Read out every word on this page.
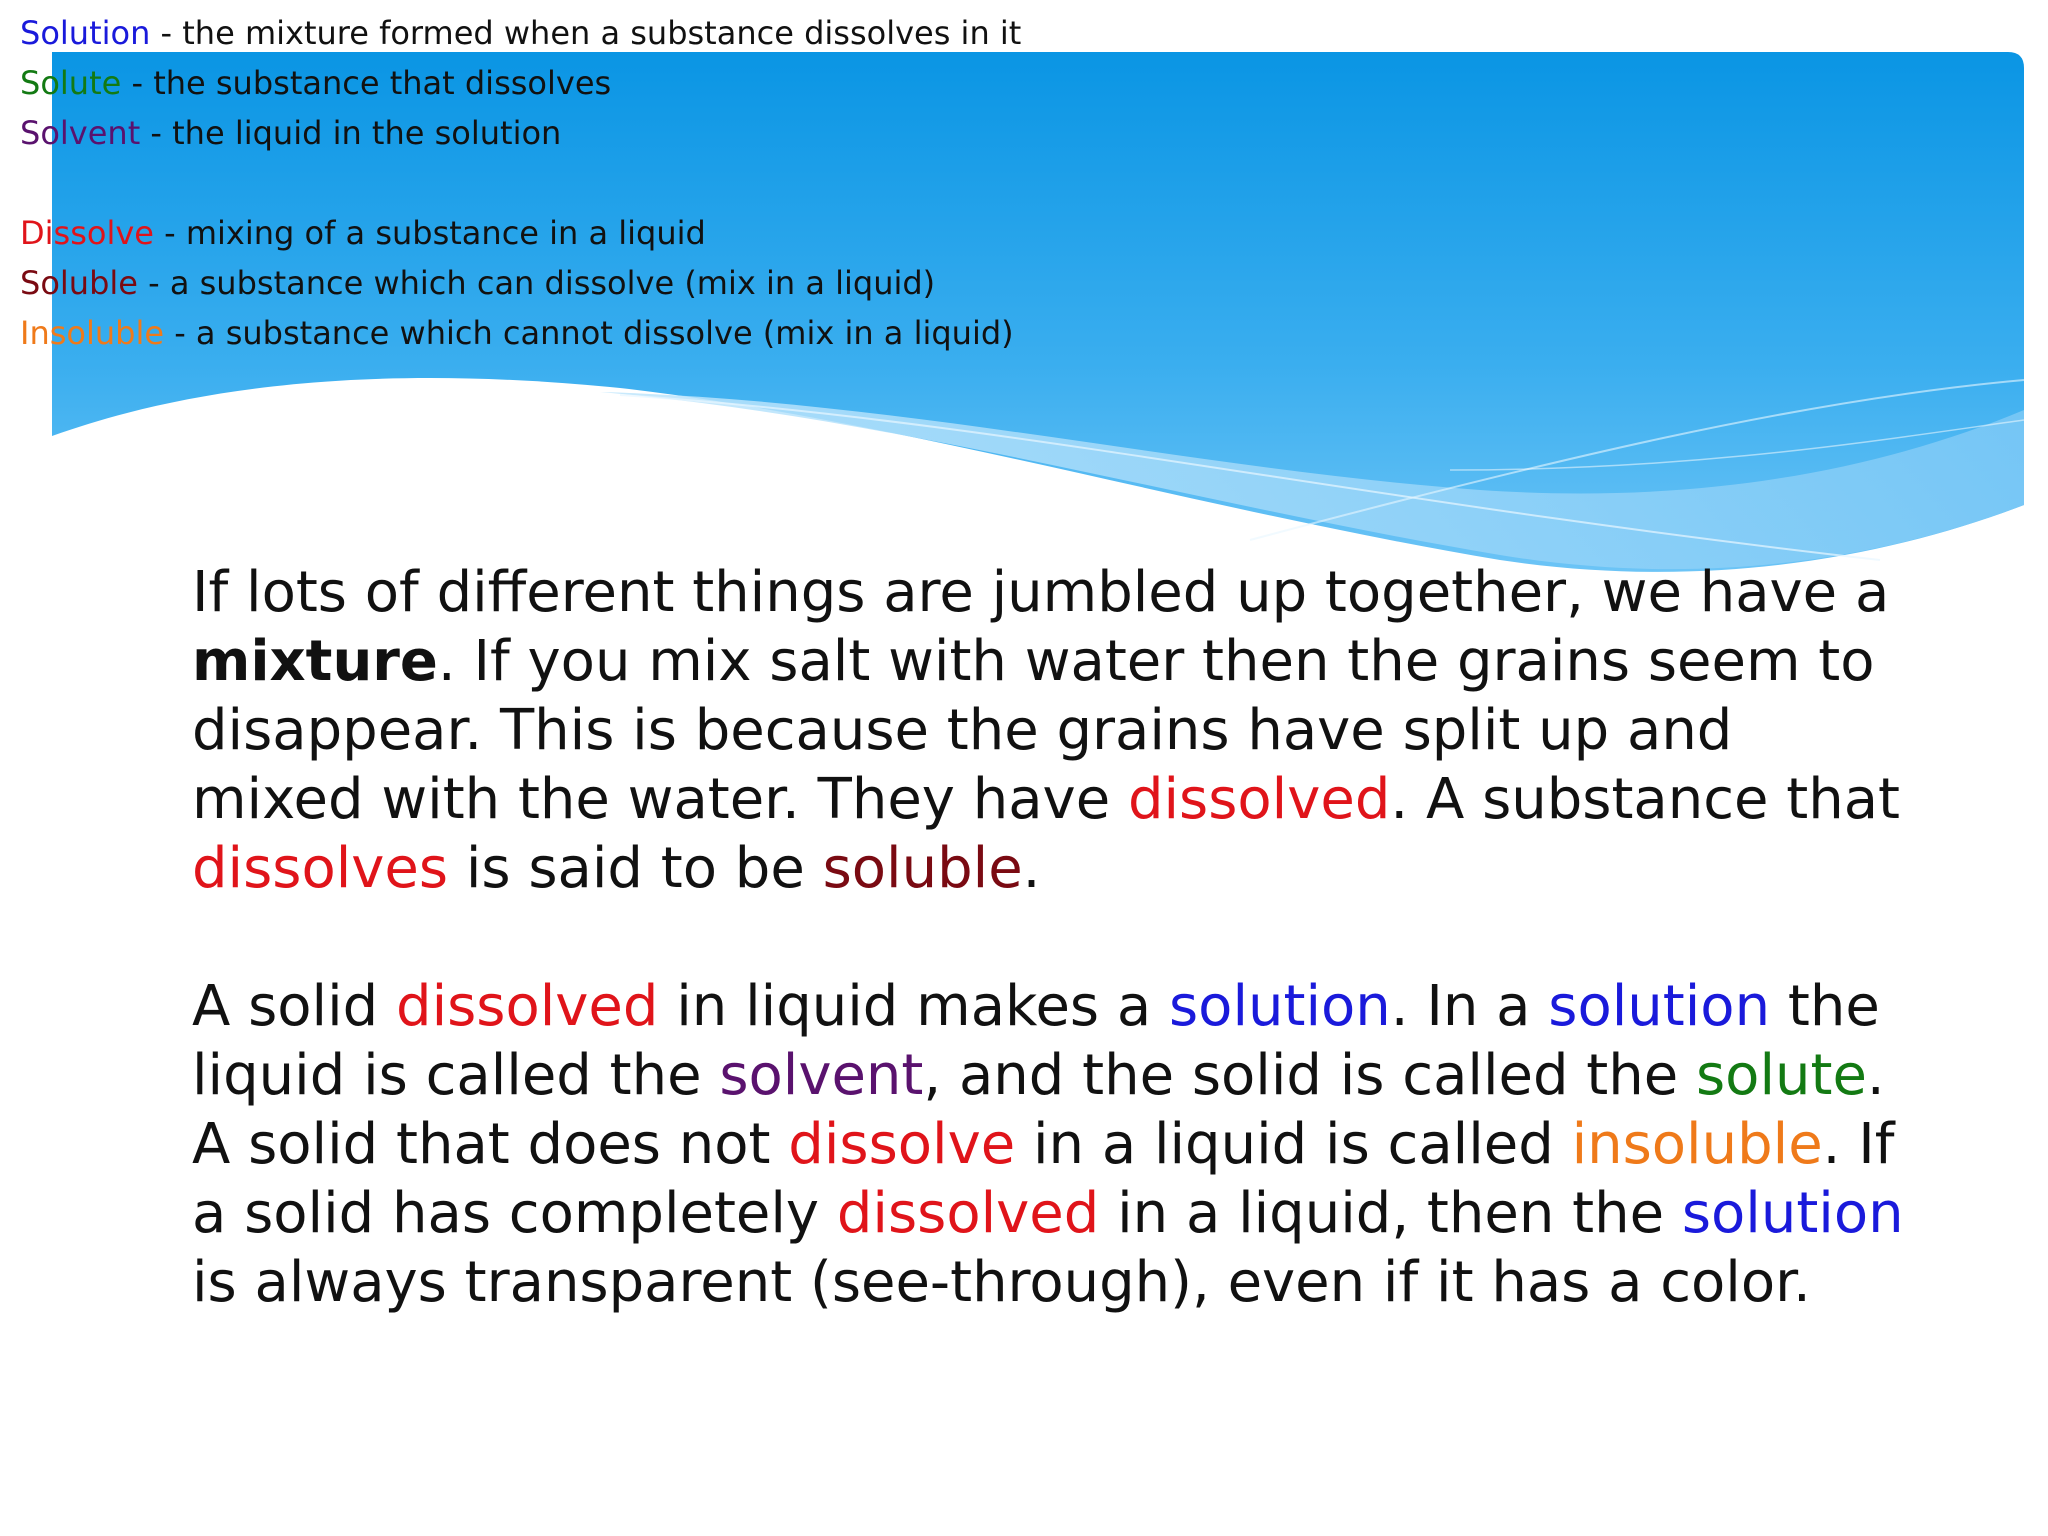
Solution - the mixture formed when a substance dissolves in it
Solute - the substance that dissolves
Solvent - the liquid in the solution
Dissolve - mixing of a substance in a liquid
Soluble - a substance which can dissolve (mix in a liquid)
Insoluble - a substance which cannot dissolve (mix in a liquid)

If lots of different things are jumbled up together, we have a mixture. If you mix salt with water then the grains seem to disappear. This is because the grains have split up and mixed with the water. They have dissolved. A substance that dissolves is said to be soluble.

A solid dissolved in liquid makes a solution. In a solution the liquid is called the solvent, and the solid is called the solute. A solid that does not dissolve in a liquid is called insoluble. If a solid has completely dissolved in a liquid, then the solution is always transparent (see-through), even if it has a color.
